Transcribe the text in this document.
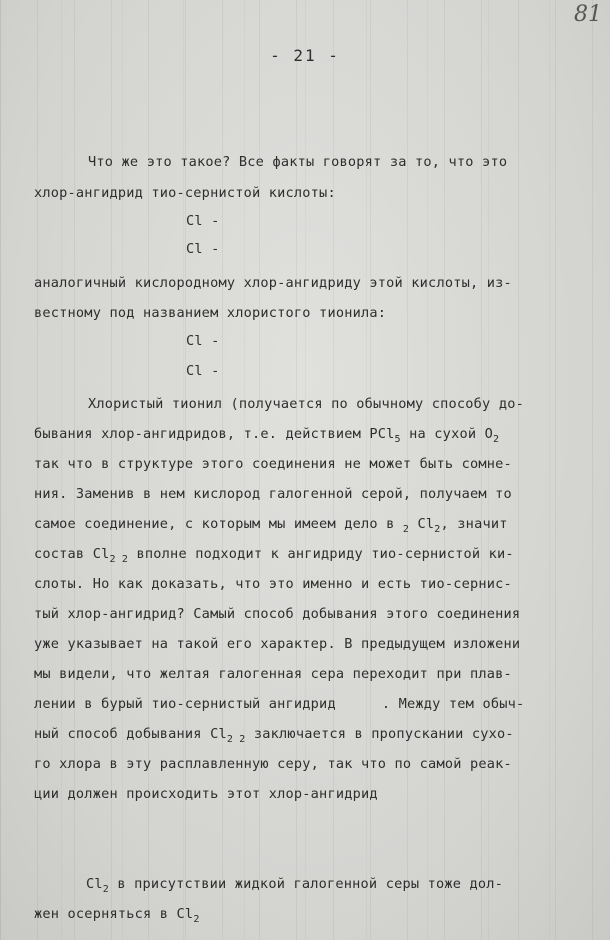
81
- 21 -
Что же это такое? Все факты говорят за то, что это
хлор-ангидрид тио-сернистой кислоты:
Cl -
Cl -
аналогичный кислородному хлор-ангидриду этой кислоты, из-
вестному под названием хлористого тионила:
Cl -
Cl -
Хлористый тионил (получается по обычному способу до-
бывания хлор-ангидридов, т.е. действием PCl$_5$ на сухой $O_2$
так что в структуре этого соединения не может быть сомне-
ния. Заменив в нем кислород галогенной серой, получаем то
самое соединение, с которым мы имеем дело в $_2$ $Cl_2$, значит
состав $Cl_{2 2}$ вполне подходит к ангидриду тио-сернистой ки-
слоты. Но как доказать, что это именно и есть тио-сернис-
тый хлор-ангидрид? Самый способ добывания этого соединения
уже указывает на такой его характер. В предыдущем изложени
мы видели, что желтая галогенная сера переходит при плав-
лении в бурый тио-сернистый ангидрид	. Между тем обыч-
ный способ добывания $Cl_{2 2}$ заключается в пропускании сухо-
го хлора в эту расплавленную серу, так что по самой реак-
ции должен происходить этот хлор-ангидрид
$Cl_2$ в присутствии жидкой галогенной серы тоже дол-
жен осерняться в $Cl_2$
